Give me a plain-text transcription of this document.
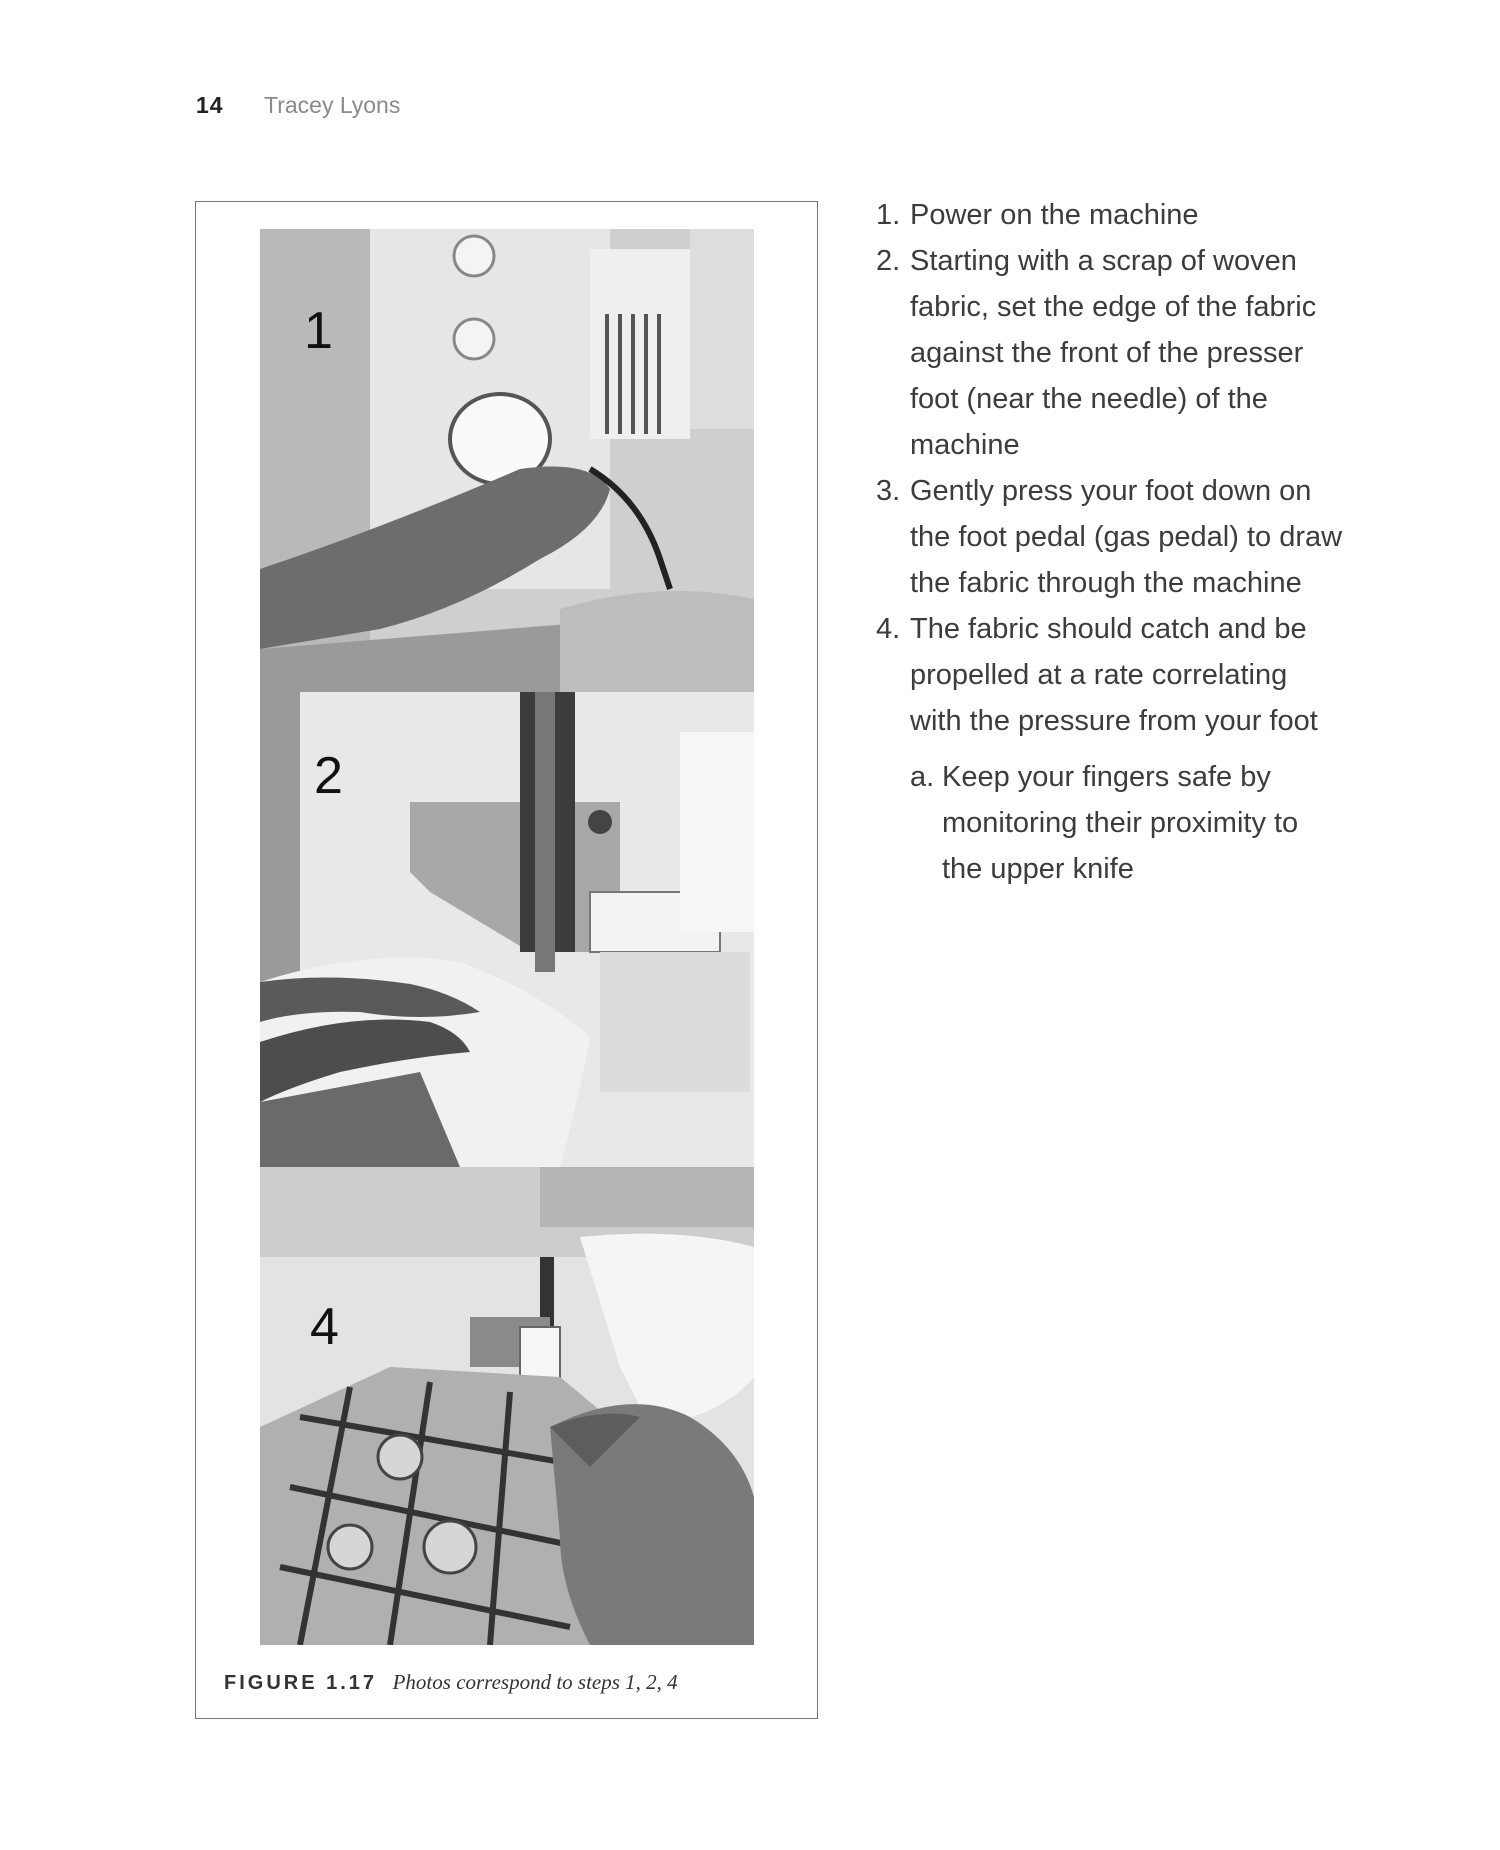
14 Tracey Lyons
1
2
4
FIGURE 1.17 Photos correspond to steps 1, 2, 4
1. Power on the machine
2. Starting with a scrap of woven fabric, set the edge of the fabric against the front of the presser foot (near the needle) of the machine
3. Gently press your foot down on the foot pedal (gas pedal) to draw the fabric through the machine
4. The fabric should catch and be propelled at a rate correlating with the pressure from your foot
a. Keep your fingers safe by monitoring their proximity to the upper knife
